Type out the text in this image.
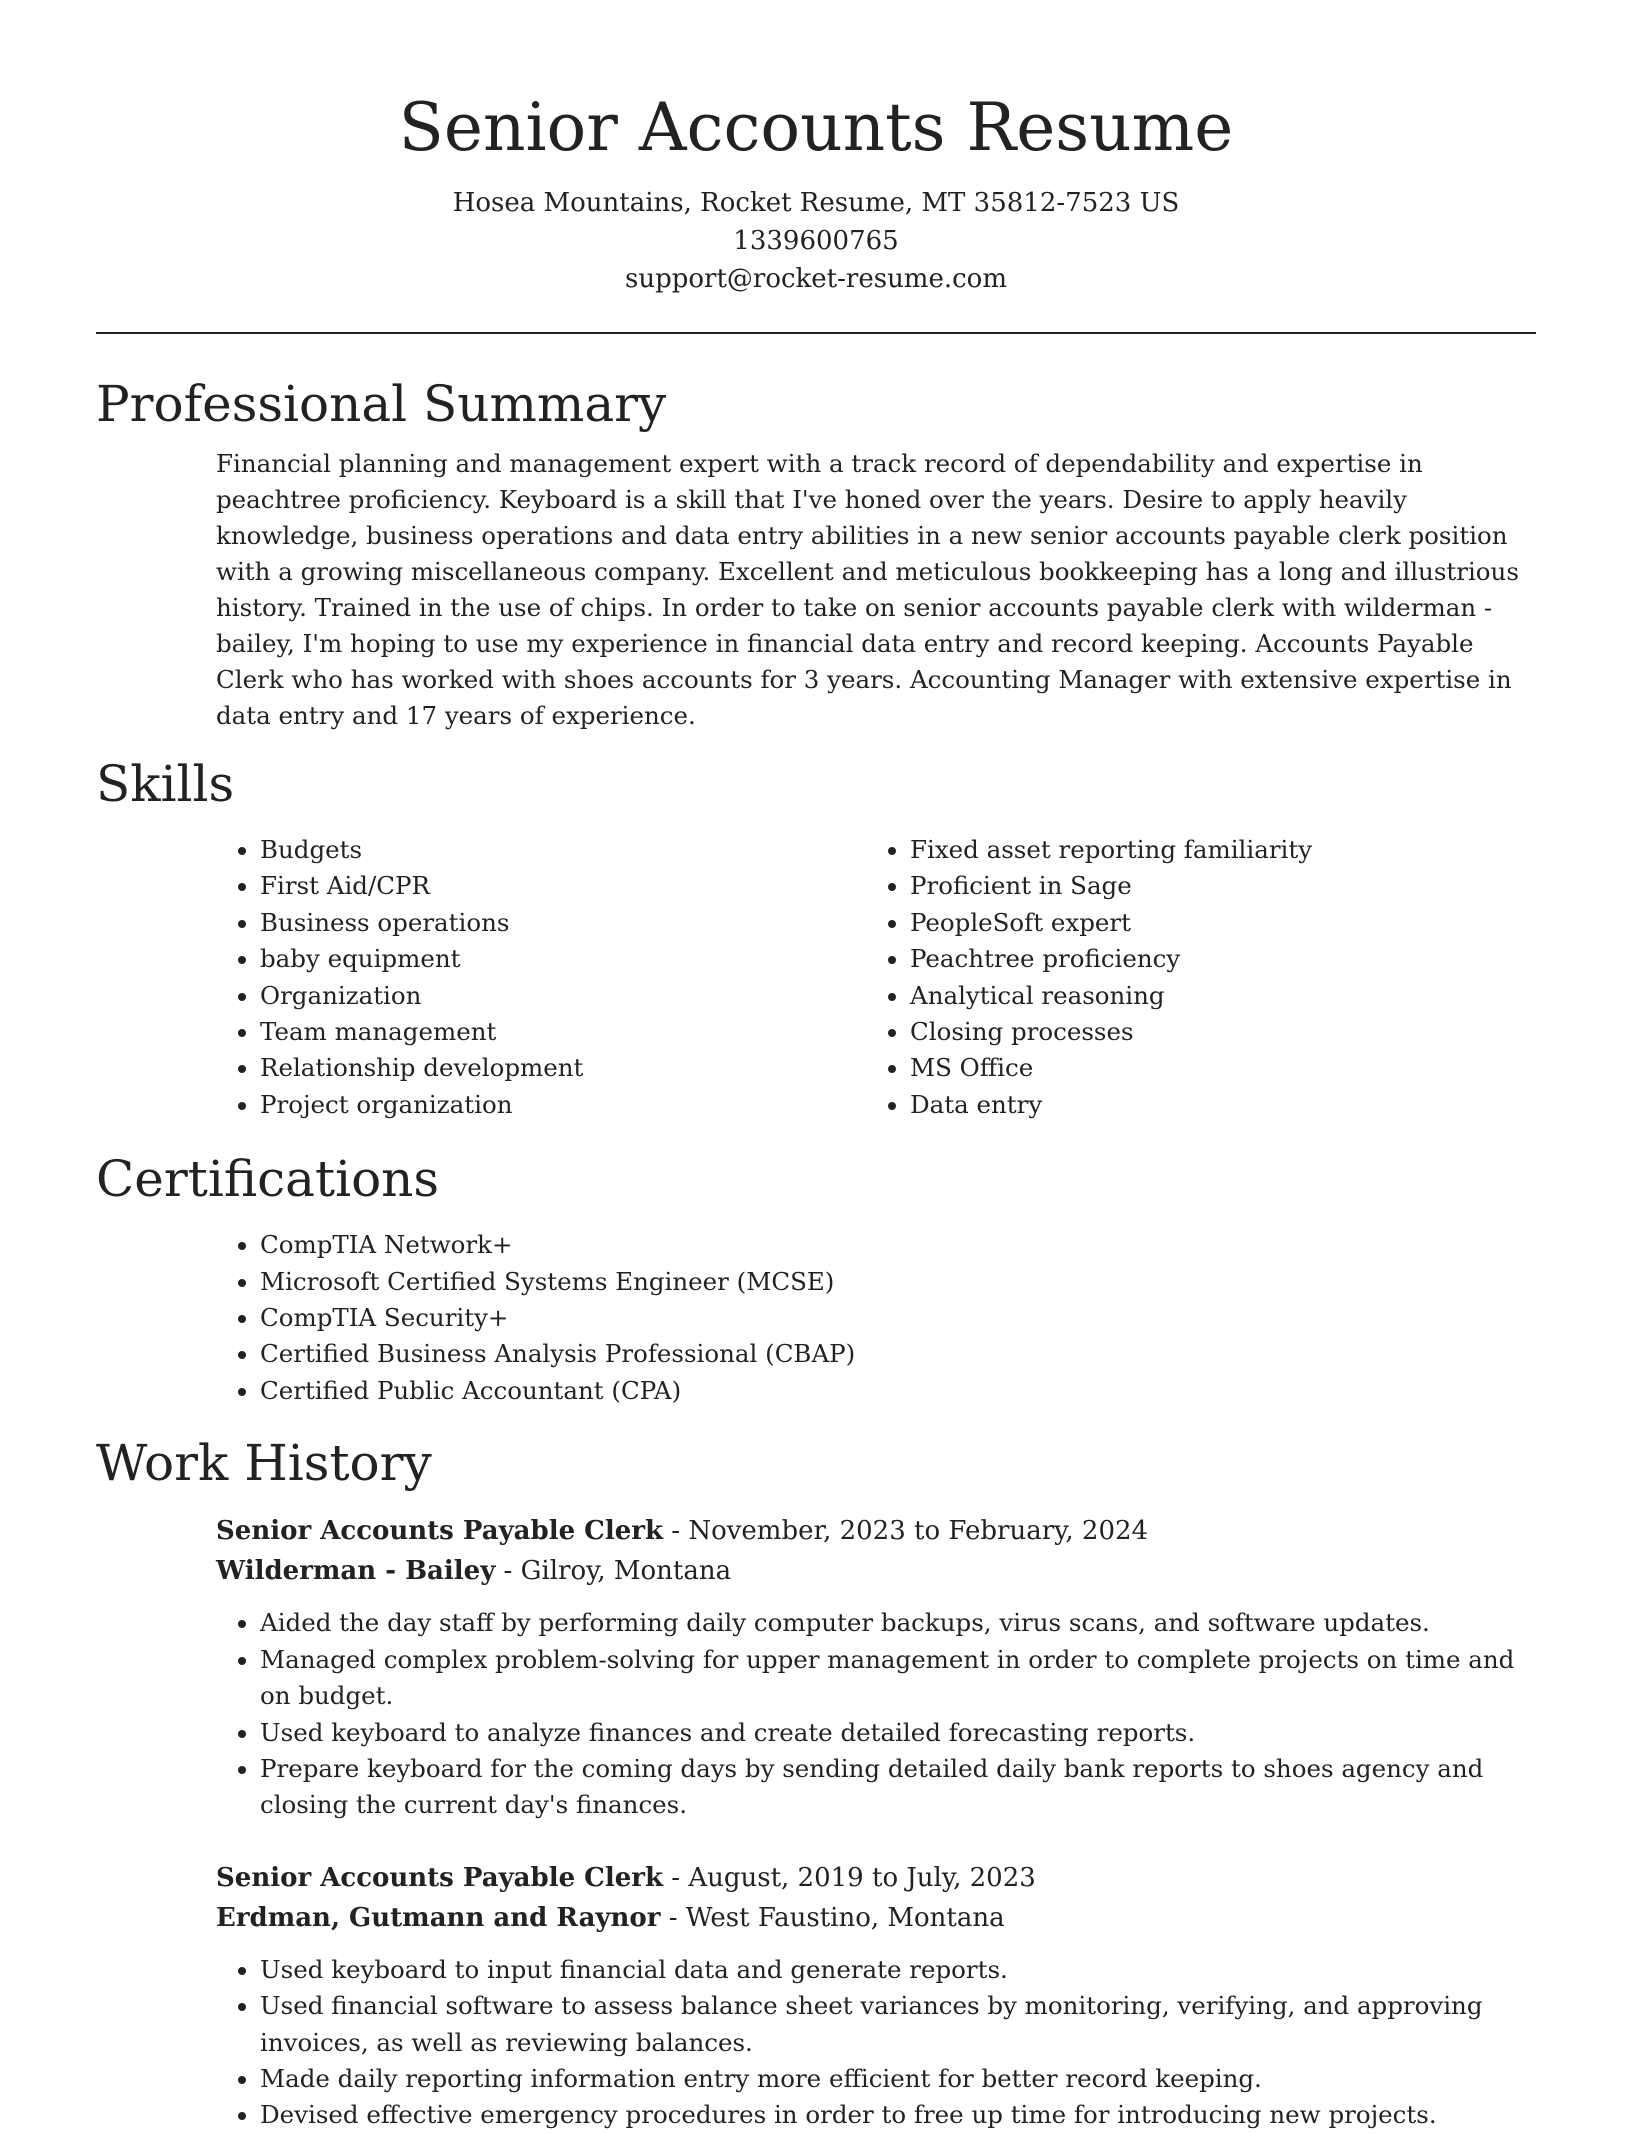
Senior Accounts Resume

Hosea Mountains, Rocket Resume, MT 35812-7523 US

1339600765

support@rocket-resume.com

Professional Summary

Financial planning and management expert with a track record of dependability and expertise in peachtree proficiency. Keyboard is a skill that I've honed over the years. Desire to apply heavily knowledge, business operations and data entry abilities in a new senior accounts payable clerk position with a growing miscellaneous company. Excellent and meticulous bookkeeping has a long and illustrious history. Trained in the use of chips. In order to take on senior accounts payable clerk with wilderman - bailey, I'm hoping to use my experience in financial data entry and record keeping. Accounts Payable Clerk who has worked with shoes accounts for 3 years. Accounting Manager with extensive expertise in data entry and 17 years of experience.

Skills
• Budgets
• First Aid/CPR
• Business operations
• baby equipment
• Organization
• Team management
• Relationship development
• Project organization
• Fixed asset reporting familiarity
• Proficient in Sage
• PeopleSoft expert
• Peachtree proficiency
• Analytical reasoning
• Closing processes
• MS Office
• Data entry
Certifications
• CompTIA Network+
• Microsoft Certified Systems Engineer (MCSE)
• CompTIA Security+
• Certified Business Analysis Professional (CBAP)
• Certified Public Accountant (CPA)
Work History

Senior Accounts Payable Clerk - November, 2023 to February, 2024

Wilderman - Bailey - Gilroy, Montana

• Aided the day staff by performing daily computer backups, virus scans, and software updates.
• Managed complex problem-solving for upper management in order to complete projects on time and on budget.
• Used keyboard to analyze finances and create detailed forecasting reports.
• Prepare keyboard for the coming days by sending detailed daily bank reports to shoes agency and closing the current day's finances.

Senior Accounts Payable Clerk - August, 2019 to July, 2023

Erdman, Gutmann and Raynor - West Faustino, Montana

• Used keyboard to input financial data and generate reports.
• Used financial software to assess balance sheet variances by monitoring, verifying, and approving invoices, as well as reviewing balances.
• Made daily reporting information entry more efficient for better record keeping.
• Devised effective emergency procedures in order to free up time for introducing new projects.
